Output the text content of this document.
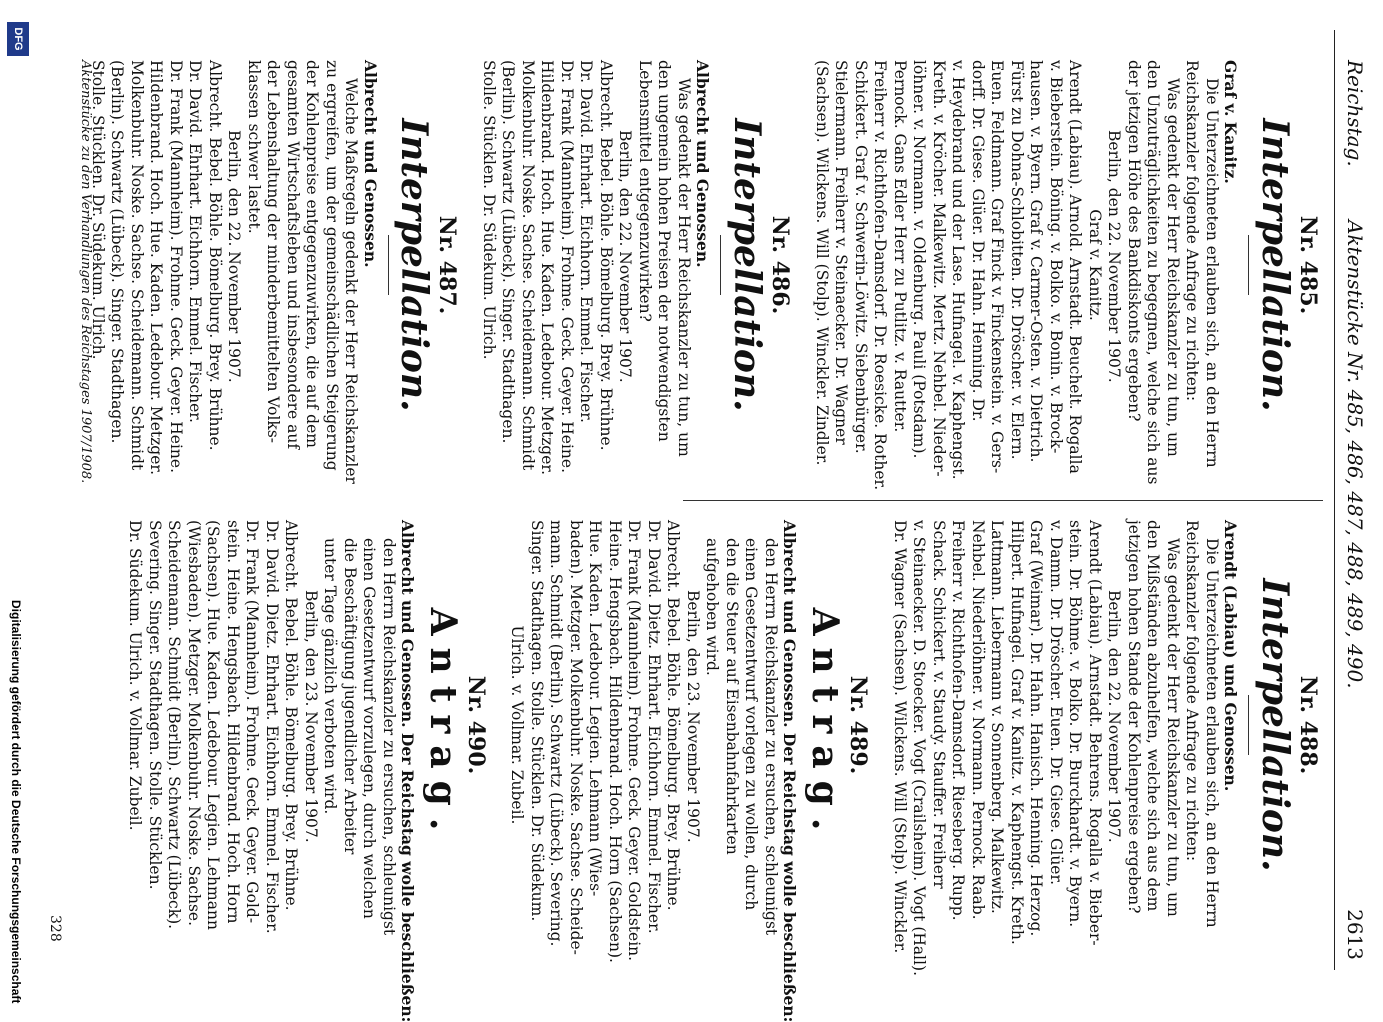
Reichstag.
Aktenstücke Nr. 485, 486, 487, 488, 489, 490.
2613
Nr. 485.
Interpellation.
Graf v. Kanitz.
Die Unterzeichneten erlauben sich, an den Herrn
Reichskanzler folgende Anfrage zu richten:
Was gedenkt der Herr Reichskanzler zu tun, um
den Unzuträglichkeiten zu begegnen, welche sich aus
der jetzigen Höhe des Bankdiskonts ergeben?
Berlin, den 22. November 1907.
Graf v. Kanitz.
Arendt (Labiau). Arnold. Arnstadt. Beuchelt. Rogalla
v. Bieberstein. Böning. v. Bolko. v. Bonin. v. Brock-
hausen. v. Byern. Graf v. Carmer-Osten. v. Dietrich.
Fürst zu Dohna-Schlobitten. Dr. Dröscher. v. Elern.
Euen. Feldmann. Graf Finck v. Finckenstein. v. Gers-
dorff. Dr. Giese. Glüer. Dr. Hahn. Henning. Dr.
v. Heydebrand und der Lase. Hufnagel. v. Kaphengst.
Kreth. v. Kröcher. Malkewitz. Mertz. Nehbel. Nieder-
löhner. v. Normann. v. Oldenburg. Pauli (Potsdam).
Pernock. Gans Edler Herr zu Putlitz. v. Rautter.
Freiherr v. Richthofen-Damsdorf. Dr. Roesicke. Rother.
Schickert. Graf v. Schwerin-Löwitz. Siebenbürger.
Stielermann. Freiherr v. Steinaecker. Dr. Wagner
(Sachsen). Wilckens. Will (Stolp). Winckler. Zindler.
Nr. 486.
Interpellation.
Albrecht und Genossen.
Was gedenkt der Herr Reichskanzler zu tun, um
den ungemein hohen Preisen der notwendigsten
Lebensmittel entgegenzuwirken?
Berlin, den 22. November 1907.
Albrecht. Bebel. Böhle. Bömelburg. Brey. Brühne.
Dr. David. Ehrhart. Eichhorn. Emmel. Fischer.
Dr. Frank (Mannheim). Frohme. Geck. Geyer. Heine.
Hildenbrand. Hoch. Hue. Kaden. Ledebour. Metzger.
Molkenbuhr. Noske. Sachse. Scheidemann. Schmidt
(Berlin). Schwartz (Lübeck). Singer. Stadthagen.
Stolle. Stücklen. Dr. Südekum. Ulrich.
Nr. 487.
Interpellation.
Albrecht und Genossen.
Welche Maßregeln gedenkt der Herr Reichskanzler
zu ergreifen, um der gemeinschädlichen Steigerung
der Kohlenpreise entgegenzuwirken, die auf dem
gesamten Wirtschaftsleben und insbesondere auf
der Lebenshaltung der minderbemittelten Volks-
klassen schwer lastet.
Berlin, den 22. November 1907.
Albrecht. Bebel. Böhle. Bömelburg. Brey. Brühne.
Dr. David. Ehrhart. Eichhorn. Emmel. Fischer.
Dr. Frank (Mannheim). Frohme. Geck. Geyer. Heine.
Hildenbrand. Hoch. Hue. Kaden. Ledebour. Metzger.
Molkenbuhr. Noske. Sachse. Scheidemann. Schmidt
(Berlin). Schwartz (Lübeck). Singer. Stadthagen.
Stolle. Stücklen. Dr. Südekum. Ulrich.
Nr. 488.
Interpellation.
Arendt (Labiau) und Genossen.
Die Unterzeichneten erlauben sich, an den Herrn
Reichskanzler folgende Anfrage zu richten:
Was gedenkt der Herr Reichskanzler zu tun, um
den Mißständen abzuhelfen, welche sich aus dem
jetzigen hohen Stande der Kohlenpreise ergeben?
Berlin, den 22. November 1907.
Arendt (Labiau). Arnstadt. Behrens. Rogalla v. Bieber-
stein. Dr. Böhme. v. Bolko. Dr. Burckhardt. v. Byern.
v. Damm. Dr. Dröscher. Euen. Dr. Giese. Glüer.
Graf (Weimar). Dr. Hahn. Hanisch. Henning. Herzog.
Hilpert. Hufnagel. Graf v. Kanitz. v. Kaphengst. Kreth.
Lattmann. Liebermann v. Sonnenberg. Malkewitz.
Nehbel. Niederlöhner. v. Normann. Pernock. Raab.
Freiherr v. Richthofen-Damsdorf. Rieseberg. Rupp.
Schack. Schickert. v. Staudy. Stauffer. Freiherr
v. Steinaecker. D. Stoecker. Vogt (Crailsheim). Vogt (Hall).
Dr. Wagner (Sachsen). Wilckens. Will (Stolp). Winckler.
Nr. 489.
Antrag.
Albrecht und Genossen. Der Reichstag wolle beschließen:
den Herrn Reichskanzler zu ersuchen, schleunigst
einen Gesetzentwurf vorlegen zu wollen, durch
den die Steuer auf Eisenbahnfahrkarten
aufgehoben wird.
Berlin, den 23. November 1907.
Albrecht. Bebel. Böhle. Bömelburg. Brey. Brühne.
Dr. David. Dietz. Ehrhart. Eichhorn. Emmel. Fischer.
Dr. Frank (Mannheim). Frohme. Geck. Geyer. Goldstein.
Heine. Hengsbach. Hildenbrand. Hoch. Horn (Sachsen).
Hue. Kaden. Ledebour. Legien. Lehmann (Wies-
baden). Metzger. Molkenbuhr. Noske. Sachse. Scheide-
mann. Schmidt (Berlin). Schwartz (Lübeck). Severing.
Singer. Stadthagen. Stolle. Stücklen. Dr. Südekum.
Ulrich. v. Vollmar. Zubeil.
Nr. 490.
Antrag.
Albrecht und Genossen. Der Reichstag wolle beschließen:
den Herrn Reichskanzler zu ersuchen, schleunigst
einen Gesetzentwurf vorzulegen, durch welchen
die Beschäftigung jugendlicher Arbeiter
unter Tage gänzlich verboten wird.
Berlin, den 23. November 1907.
Albrecht. Bebel. Böhle. Bömelburg. Brey. Brühne.
Dr. David. Dietz. Ehrhart. Eichhorn. Emmel. Fischer.
Dr. Frank (Mannheim). Frohme. Geck. Geyer. Gold-
stein. Heine. Hengsbach. Hildenbrand. Hoch. Horn
(Sachsen). Hue. Kaden. Ledebour. Legien. Lehmann
(Wiesbaden). Metzger. Molkenbuhr. Noske. Sachse.
Scheidemann. Schmidt (Berlin). Schwartz (Lübeck).
Severing. Singer. Stadthagen. Stolle. Stücklen.
Dr. Südekum. Ulrich. v. Vollmar. Zubeil.
Aktenstücke zu den Verhandlungen des Reichstages 1907/1908.
328
DFG
Digitalisierung gefördert durch die Deutsche Forschungsgemeinschaft
